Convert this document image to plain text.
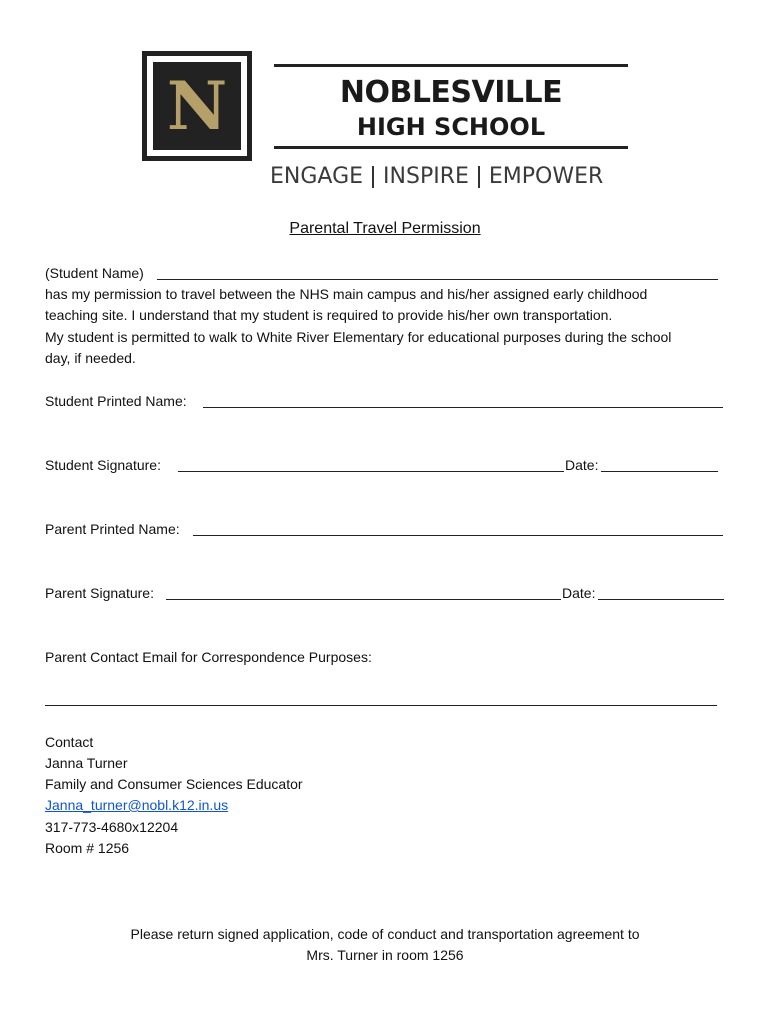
N	NOBLESVILLE
HIGH SCHOOL
ENGAGE INSPIRE EMPOWER
Parental Travel Permission
(Student Name)
has my permission to travel between the NHS main campus and his/her assigned early childhood
teaching site. I understand that my student is required to provide his/her own transportation.
My student is permitted to walk to White River Elementary for educational purposes during the school
day, if needed.
Student Printed Name:
Student Signature:	Date:
Parent Printed Name:
Parent Signature:	Date:
Parent Contact Email for Correspondence Purposes:
Contact
Janna Turner
Family and Consumer Sciences Educator
Janna_turner@nobl.k12.in.us
317-773-4680x12204
Room # 1256
Please return signed application, code of conduct and transportation agreement to
Mrs. Turner in room 1256
